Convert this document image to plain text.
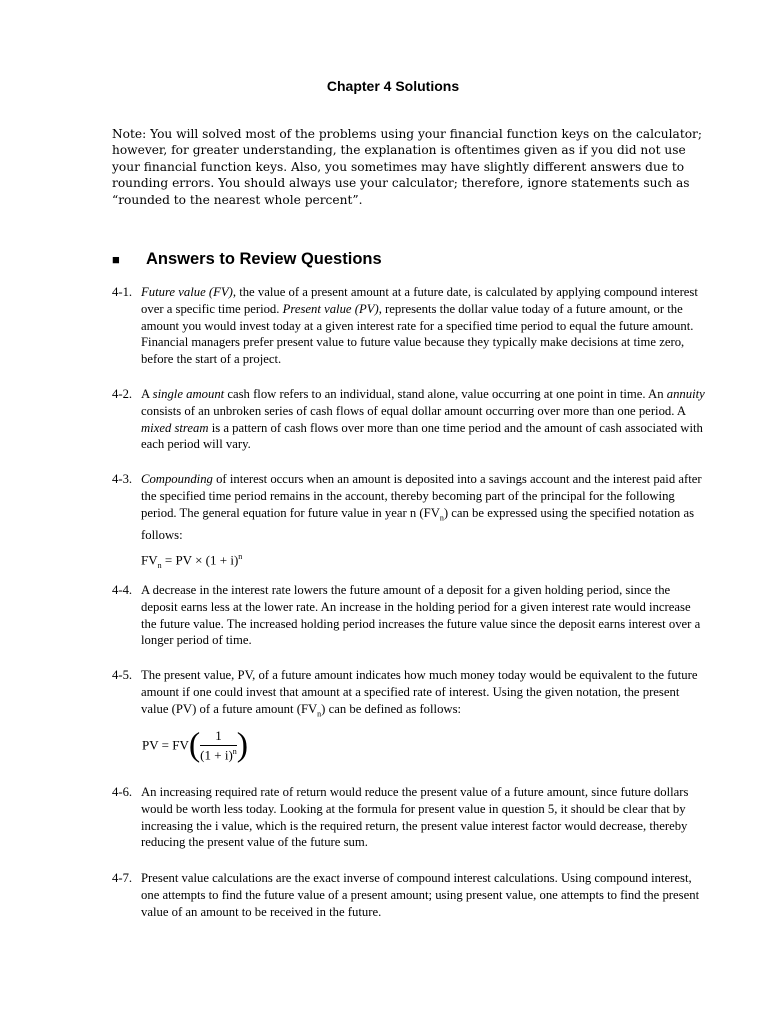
Chapter 4 Solutions
Note: You will solved most of the problems using your financial function keys on the calculator; however, for greater understanding, the explanation is oftentimes given as if you did not use your financial function keys. Also, you sometimes may have slightly different answers due to rounding errors. You should always use your calculator; therefore, ignore statements such as “rounded to the nearest whole percent”.
■ Answers to Review Questions
4-1. Future value (FV), the value of a present amount at a future date, is calculated by applying compound interest over a specific time period. Present value (PV), represents the dollar value today of a future amount, or the amount you would invest today at a given interest rate for a specified time period to equal the future amount. Financial managers prefer present value to future value because they typically make decisions at time zero, before the start of a project.
4-2. A single amount cash flow refers to an individual, stand alone, value occurring at one point in time. An annuity consists of an unbroken series of cash flows of equal dollar amount occurring over more than one period. A mixed stream is a pattern of cash flows over more than one time period and the amount of cash associated with each period will vary.
4-3. Compounding of interest occurs when an amount is deposited into a savings account and the interest paid after the specified time period remains in the account, thereby becoming part of the principal for the following period. The general equation for future value in year n $(FV_n)$ can be expressed using the specified notation as follows:
$FV_n$ = PV × $(1 + i)^n$
4-4. A decrease in the interest rate lowers the future amount of a deposit for a given holding period, since the deposit earns less at the lower rate. An increase in the holding period for a given interest rate would increase the future value. The increased holding period increases the future value since the deposit earns interest over a longer period of time.
4-5. The present value, PV, of a future amount indicates how much money today would be equivalent to the future amount if one could invest that amount at a specified rate of interest. Using the given notation, the present value (PV) of a future amount $(FV_n)$ can be defined as follows:
PV = $FV( \frac{1}{(1 + i)^n}$ )
4-6. An increasing required rate of return would reduce the present value of a future amount, since future dollars would be worth less today. Looking at the formula for present value in question 5, it should be clear that by increasing the i value, which is the required return, the present value interest factor would decrease, thereby reducing the present value of the future sum.
4-7. Present value calculations are the exact inverse of compound interest calculations. Using compound interest, one attempts to find the future value of a present amount; using present value, one attempts to find the present value of an amount to be received in the future.
